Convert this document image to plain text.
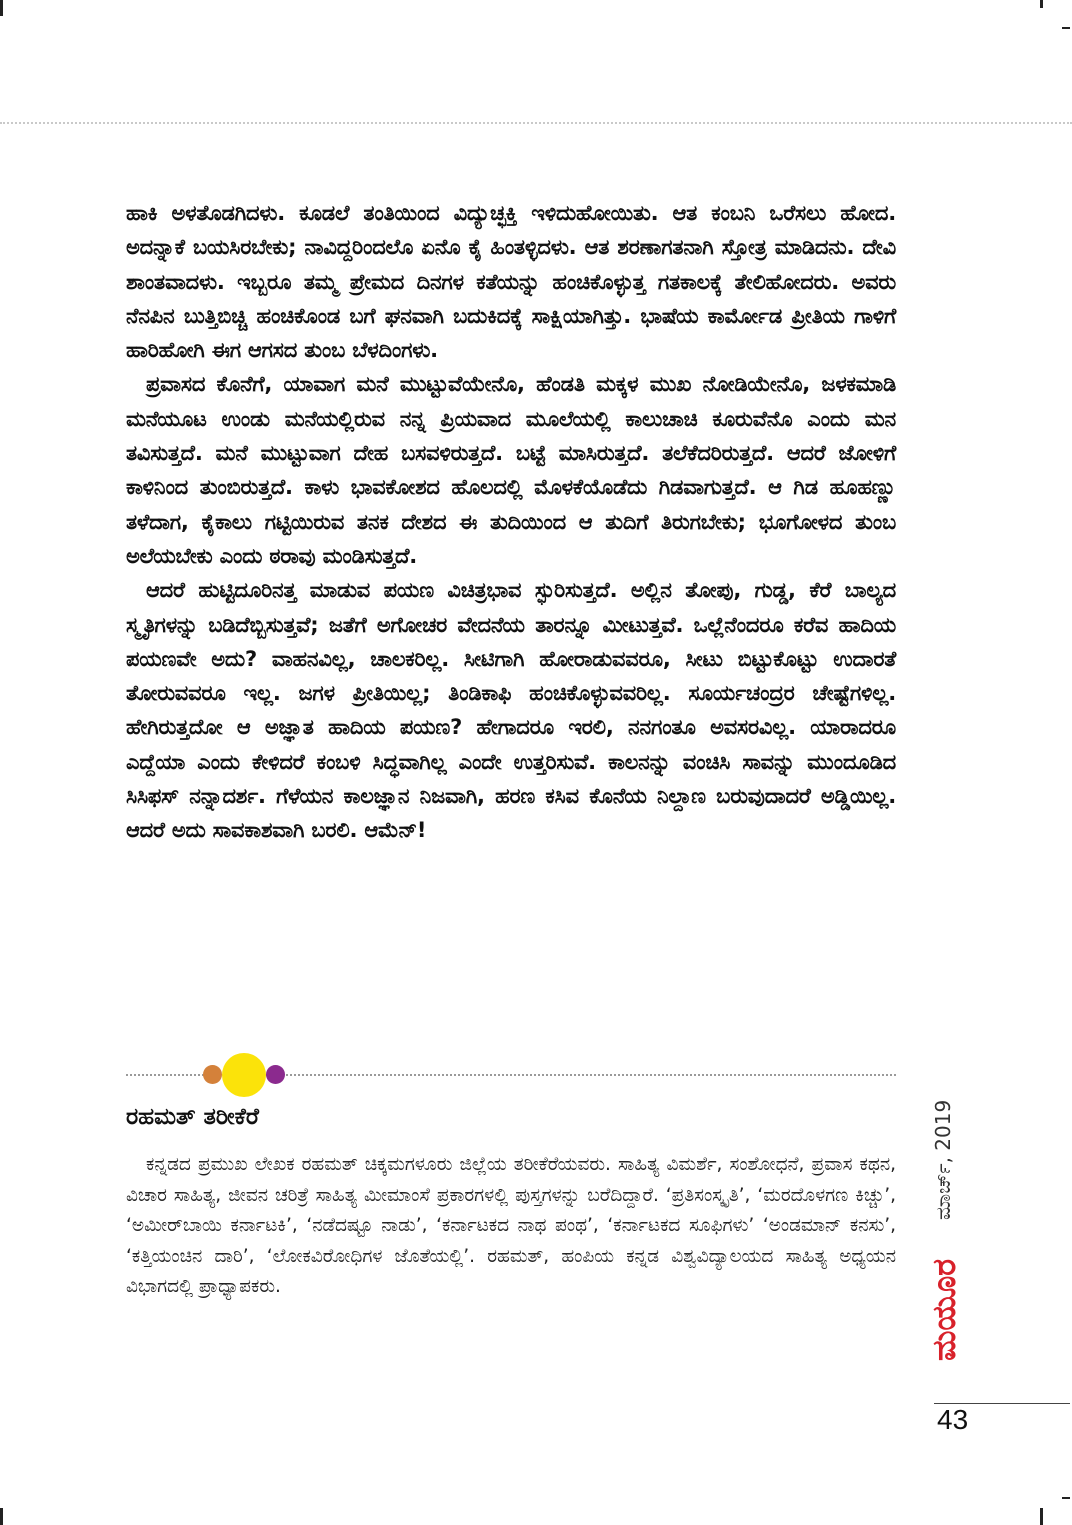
ಹಾಕಿ ಅಳತೊಡಗಿದಳು. ಕೂಡಲೆ ತಂತಿಯಿಂದ ವಿದ್ಯುಚ್ಛಕ್ತಿ ಇಳಿದುಹೋಯಿತು. ಆತ ಕಂಬನಿ ಒರೆಸಲು ಹೋದ. ಅದನ್ನಾಕೆ ಬಯಸಿರಬೇಕು; ನಾವಿದ್ದರಿಂದಲೊ ಏನೊ ಕೈ ಹಿಂತಳ್ಳಿದಳು. ಆತ ಶರಣಾಗತನಾಗಿ ಸ್ತೋತ್ರ ಮಾಡಿದನು. ದೇವಿ ಶಾಂತವಾದಳು. ಇಬ್ಬರೂ ತಮ್ಮ ಪ್ರೇಮದ ದಿನಗಳ ಕತೆಯನ್ನು ಹಂಚಿಕೊಳ್ಳುತ್ತ ಗತಕಾಲಕ್ಕೆ ತೇಲಿಹೋದರು. ಅವರು ನೆನಪಿನ ಬುತ್ತಿಬಿಚ್ಚಿ ಹಂಚಿಕೊಂಡ ಬಗೆ ಘನವಾಗಿ ಬದುಕಿದಕ್ಕೆ ಸಾಕ್ಷಿಯಾಗಿತ್ತು. ಭಾಷೆಯ ಕಾರ್ಮೋಡ ಪ್ರೀತಿಯ ಗಾಳಿಗೆ ಹಾರಿಹೋಗಿ ಈಗ ಆಗಸದ ತುಂಬ ಬೆಳದಿಂಗಳು.

ಪ್ರವಾಸದ ಕೊನೆಗೆ, ಯಾವಾಗ ಮನೆ ಮುಟ್ಟುವೆಯೇನೊ, ಹೆಂಡತಿ ಮಕ್ಕಳ ಮುಖ ನೋಡಿಯೇನೊ, ಜಳಕಮಾಡಿ ಮನೆಯೂಟ ಉಂಡು ಮನೆಯಲ್ಲಿರುವ ನನ್ನ ಪ್ರಿಯವಾದ ಮೂಲೆಯಲ್ಲಿ ಕಾಲುಚಾಚಿ ಕೂರುವೆನೊ ಎಂದು ಮನ ತವಿಸುತ್ತದೆ. ಮನೆ ಮುಟ್ಟುವಾಗ ದೇಹ ಬಸವಳಿರುತ್ತದೆ. ಬಟ್ಟೆ ಮಾಸಿರುತ್ತದೆ. ತಲೆಕೆದರಿರುತ್ತದೆ. ಆದರೆ ಜೋಳಿಗೆ ಕಾಳಿನಿಂದ ತುಂಬಿರುತ್ತದೆ. ಕಾಳು ಭಾವಕೋಶದ ಹೊಲದಲ್ಲಿ ಮೊಳಕೆಯೊಡೆದು ಗಿಡವಾಗುತ್ತದೆ. ಆ ಗಿಡ ಹೂಹಣ್ಣು ತಳೆದಾಗ, ಕೈಕಾಲು ಗಟ್ಟಿಯಿರುವ ತನಕ ದೇಶದ ಈ ತುದಿಯಿಂದ ಆ ತುದಿಗೆ ತಿರುಗಬೇಕು; ಭೂಗೋಳದ ತುಂಬ ಅಲೆಯಬೇಕು ಎಂದು ಠರಾವು ಮಂಡಿಸುತ್ತದೆ.

ಆದರೆ ಹುಟ್ಟಿದೂರಿನತ್ತ ಮಾಡುವ ಪಯಣ ವಿಚಿತ್ರಭಾವ ಸ್ಫುರಿಸುತ್ತದೆ. ಅಲ್ಲಿನ ತೋಪು, ಗುಡ್ಡ, ಕೆರೆ ಬಾಲ್ಯದ ಸ್ಮೃತಿಗಳನ್ನು ಬಡಿದೆಬ್ಬಿಸುತ್ತವೆ; ಜತೆಗೆ ಅಗೋಚರ ವೇದನೆಯ ತಾರನ್ನೂ ಮೀಟುತ್ತವೆ. ಒಲ್ಲೆನೆಂದರೂ ಕರೆವ ಹಾದಿಯ ಪಯಣವೇ ಅದು? ವಾಹನವಿಲ್ಲ, ಚಾಲಕರಿಲ್ಲ. ಸೀಟಿಗಾಗಿ ಹೋರಾಡುವವರೂ, ಸೀಟು ಬಿಟ್ಟುಕೊಟ್ಟು ಉದಾರತೆ ತೋರುವವರೂ ಇಲ್ಲ. ಜಗಳ ಪ್ರೀತಿಯಿಲ್ಲ; ತಿಂಡಿಕಾಫಿ ಹಂಚಿಕೊಳ್ಳುವವರಿಲ್ಲ. ಸೂರ್ಯಚಂದ್ರರ ಚೇಷ್ಟೆಗಳಿಲ್ಲ. ಹೇಗಿರುತ್ತದೋ ಆ ಅಜ್ಞಾತ ಹಾದಿಯ ಪಯಣ? ಹೇಗಾದರೂ ಇರಲಿ, ನನಗಂತೂ ಅವಸರವಿಲ್ಲ. ಯಾರಾದರೂ ಎದ್ದೆಯಾ ಎಂದು ಕೇಳಿದರೆ ಕಂಬಳಿ ಸಿದ್ಧವಾಗಿಲ್ಲ ಎಂದೇ ಉತ್ತರಿಸುವೆ. ಕಾಲನನ್ನು ವಂಚಿಸಿ ಸಾವನ್ನು ಮುಂದೂಡಿದ ಸಿಸಿಫಸ್ ನನ್ನಾದರ್ಶ. ಗೆಳೆಯನ ಕಾಲಜ್ಞಾನ ನಿಜವಾಗಿ, ಹರಣ ಕಸಿವ ಕೊನೆಯ ನಿಲ್ದಾಣ ಬರುವುದಾದರೆ ಅಡ್ಡಿಯಿಲ್ಲ. ಆದರೆ ಅದು ಸಾವಕಾಶವಾಗಿ ಬರಲಿ. ಆಮೆನ್!

ರಹಮತ್ ತರೀಕೆರೆ

ಕನ್ನಡದ ಪ್ರಮುಖ ಲೇಖಕ ರಹಮತ್ ಚಿಕ್ಕಮಗಳೂರು ಜಿಲ್ಲೆಯ ತರೀಕೆರೆಯವರು. ಸಾಹಿತ್ಯ ವಿಮರ್ಶೆ, ಸಂಶೋಧನೆ, ಪ್ರವಾಸ ಕಥನ, ವಿಚಾರ ಸಾಹಿತ್ಯ, ಜೀವನ ಚರಿತ್ರೆ ಸಾಹಿತ್ಯ ಮೀಮಾಂಸೆ ಪ್ರಕಾರಗಳಲ್ಲಿ ಪುಸ್ತಗಳನ್ನು ಬರೆದಿದ್ದಾರೆ. ‘ಪ್ರತಿಸಂಸ್ಕೃತಿ’, ‘ಮರದೊಳಗಣ ಕಿಚ್ಚು’, ‘ಅಮೀರ್‌ಬಾಯಿ ಕರ್ನಾಟಕಿ’, ‘ನಡೆದಷ್ಟೂ ನಾಡು’, ‘ಕರ್ನಾಟಕದ ನಾಥ ಪಂಥ’, ‘ಕರ್ನಾಟಕದ ಸೂಫಿಗಳು’ ‘ಅಂಡಮಾನ್ ಕನಸು’, ‘ಕತ್ತಿಯಂಚಿನ ದಾರಿ’, ‘ಲೋಕವಿರೋಧಿಗಳ ಜೊತೆಯಲ್ಲಿ’. ರಹಮತ್, ಹಂಪಿಯ ಕನ್ನಡ ವಿಶ್ವವಿದ್ಯಾಲಯದ ಸಾಹಿತ್ಯ ಅಧ್ಯಯನ ವಿಭಾಗದಲ್ಲಿ ಪ್ರಾಧ್ಯಾಪಕರು.

ಮಾರ್ಚ್, 2019
ಮಯೂರ
43
